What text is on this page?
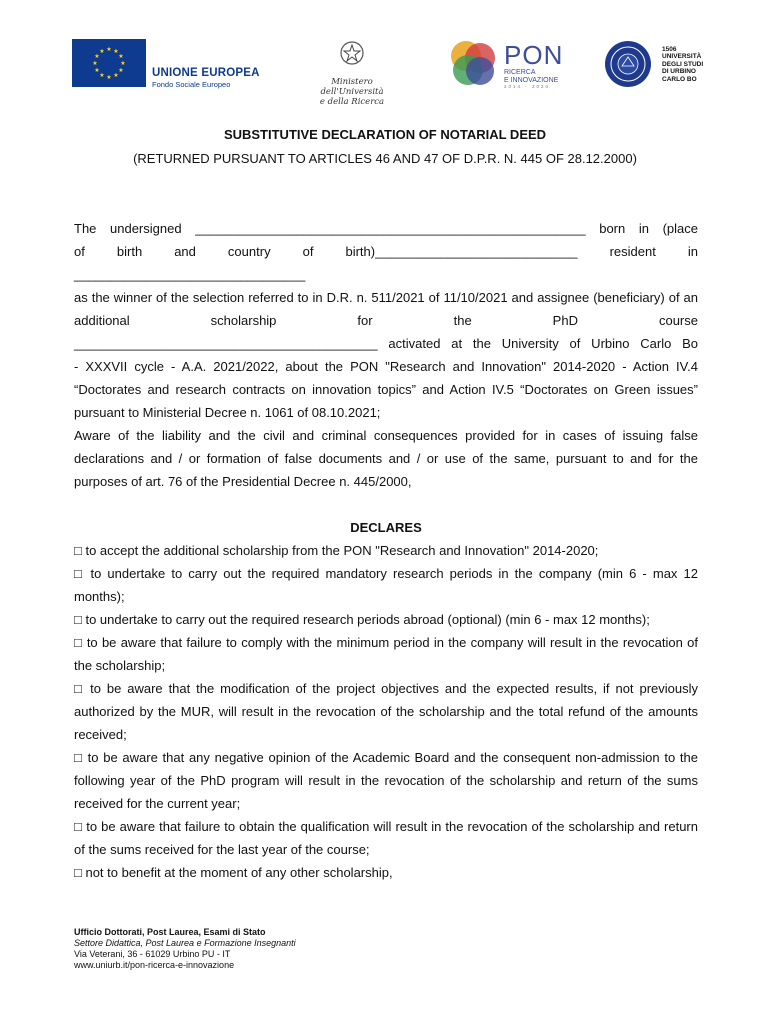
★ ★
★
★
★
★
★
★
★
★
★
★
UNIONE EUROPEA
Fondo Sociale Europeo	Ministero dell'Università
e della Ricerca
PON
RICERCA
E INNOVAZIONE
2014 - 2020
1506
UNIVERSITÀ
DEGLI STUDI
DI URBINO
CARLO BO
SUBSTITUTIVE DECLARATION OF NOTARIAL DEED
(RETURNED PURSUANT TO ARTICLES 46 AND 47 OF D.P.R. N. 445 OF 28.12.2000)

The undersigned ______________________________________________________ born in (place

of birth and country of birth)____________________________ resident in

________________________________

as the winner of the selection referred to in D.R. n. 511/2021 of 11/10/2021 and assignee (beneficiary) of an additional scholarship for the PhD course

__________________________________________ activated at the University of Urbino Carlo Bo

- XXXVII cycle - A.A. 2021/2022, about the PON "Research and Innovation" 2014-2020 - Action IV.4 “Doctorates and research contracts on innovation topics” and Action IV.5 “Doctorates on Green issues” pursuant to Ministerial Decree n. 1061 of 08.10.2021;

Aware of the liability and the civil and criminal consequences provided for in cases of issuing false declarations and / or formation of false documents and / or use of the same, pursuant to and for the purposes of art. 76 of the Presidential Decree n. 445/2000,

DECLARES

□ to accept the additional scholarship from the PON "Research and Innovation" 2014-2020;

□ to undertake to carry out the required mandatory research periods in the company (min 6 - max 12 months);

□ to undertake to carry out the required research periods abroad (optional) (min 6 - max 12 months);

□ to be aware that failure to comply with the minimum period in the company will result in the revocation of the scholarship;

□ to be aware that the modification of the project objectives and the expected results, if not previously authorized by the MUR, will result in the revocation of the scholarship and the total refund of the amounts received;

□ to be aware that any negative opinion of the Academic Board and the consequent non-admission to the following year of the PhD program will result in the revocation of the scholarship and return of the sums received for the current year;

□ to be aware that failure to obtain the qualification will result in the revocation of the scholarship and return of the sums received for the last year of the course;

□ not to benefit at the moment of any other scholarship,

Ufficio Dottorati, Post Laurea, Esami di Stato
Settore Didattica, Post Laurea e Formazione Insegnanti
Via Veterani, 36 - 61029 Urbino PU - IT
www.uniurb.it/pon-ricerca-e-innovazione
